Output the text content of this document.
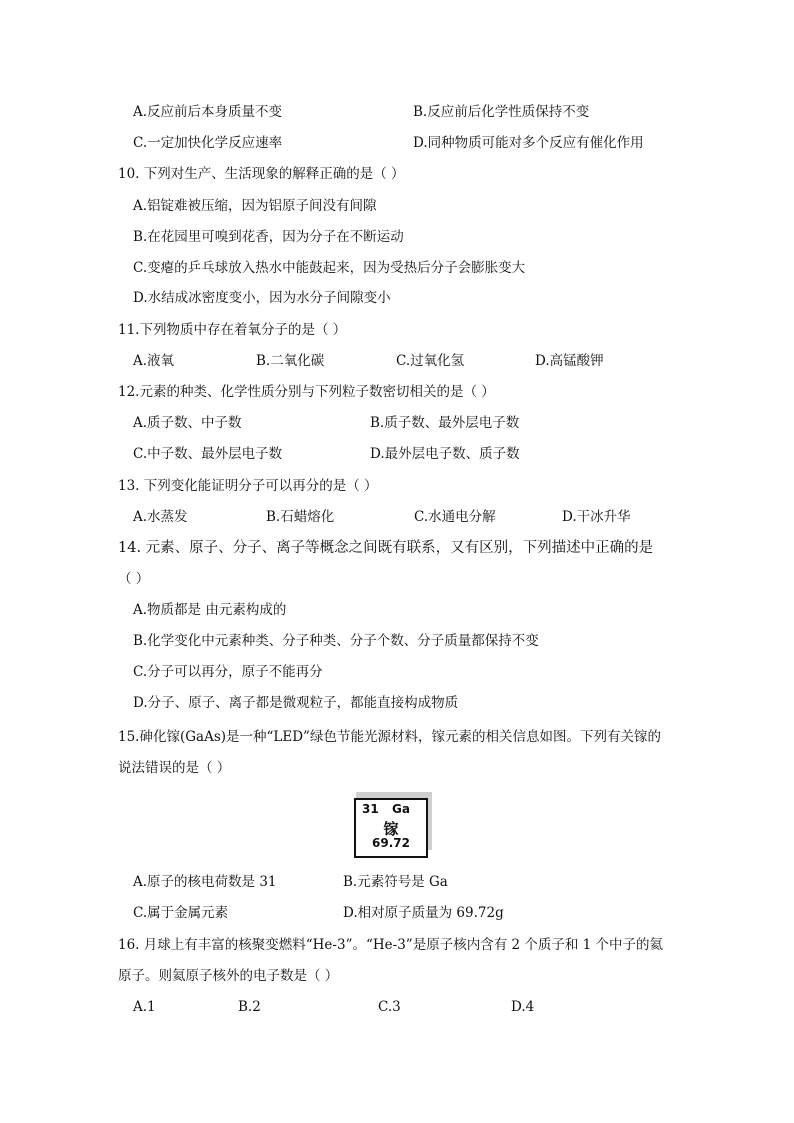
A.反应前后本身质量不变	B.反应前后化学性质保持不变
C.一定加快化学反应速率	D.同种物质可能对多个反应有催化作用
10. 下列对生产、生活现象的解释正确的是（ ）
A.铝锭难被压缩，因为铝原子间没有间隙
B.在花园里可嗅到花香，因为分子在不断运动
C.变瘪的乒乓球放入热水中能鼓起来，因为受热后分子会膨胀变大
D.水结成冰密度变小，因为水分子间隙变小
11.下列物质中存在着氧分子的是（ ）
A.液氧	B.二氧化碳	C.过氧化氢	D.高锰酸钾
12.元素的种类、化学性质分别与下列粒子数密切相关的是（ ）
A.质子数、中子数	B.质子数、最外层电子数
C.中子数、最外层电子数	D.最外层电子数、质子数
13. 下列变化能证明分子可以再分的是（ ）
A.水蒸发	B.石蜡熔化	C.水通电分解	D.干冰升华
14. 元素、原子、分子、离子等概念之间既有联系，又有区别，下列描述中正确的是
（ ）
A.物质都是 由元素构成的
B.化学变化中元素种类、分子种类、分子个数、分子质量都保持不变
C.分子可以再分，原子不能再分
D.分子、原子、离子都是微观粒子，都能直接构成物质
15.砷化镓(GaAs)是一种“LED”绿色节能光源材料，镓元素的相关信息如图。下列有关镓的
说法错误的是（ ）
31 Ga
镓
69.72
A.原子的核电荷数是 31	B.元素符号是 Ga
C.属于金属元素	D.相对原子质量为 69.72g
16. 月球上有丰富的核聚变燃料“He-3”。“He-3”是原子核内含有 2 个质子和 1 个中子的氦
原子。则氦原子核外的电子数是（ ）
A.1	B.2	C.3	D.4
